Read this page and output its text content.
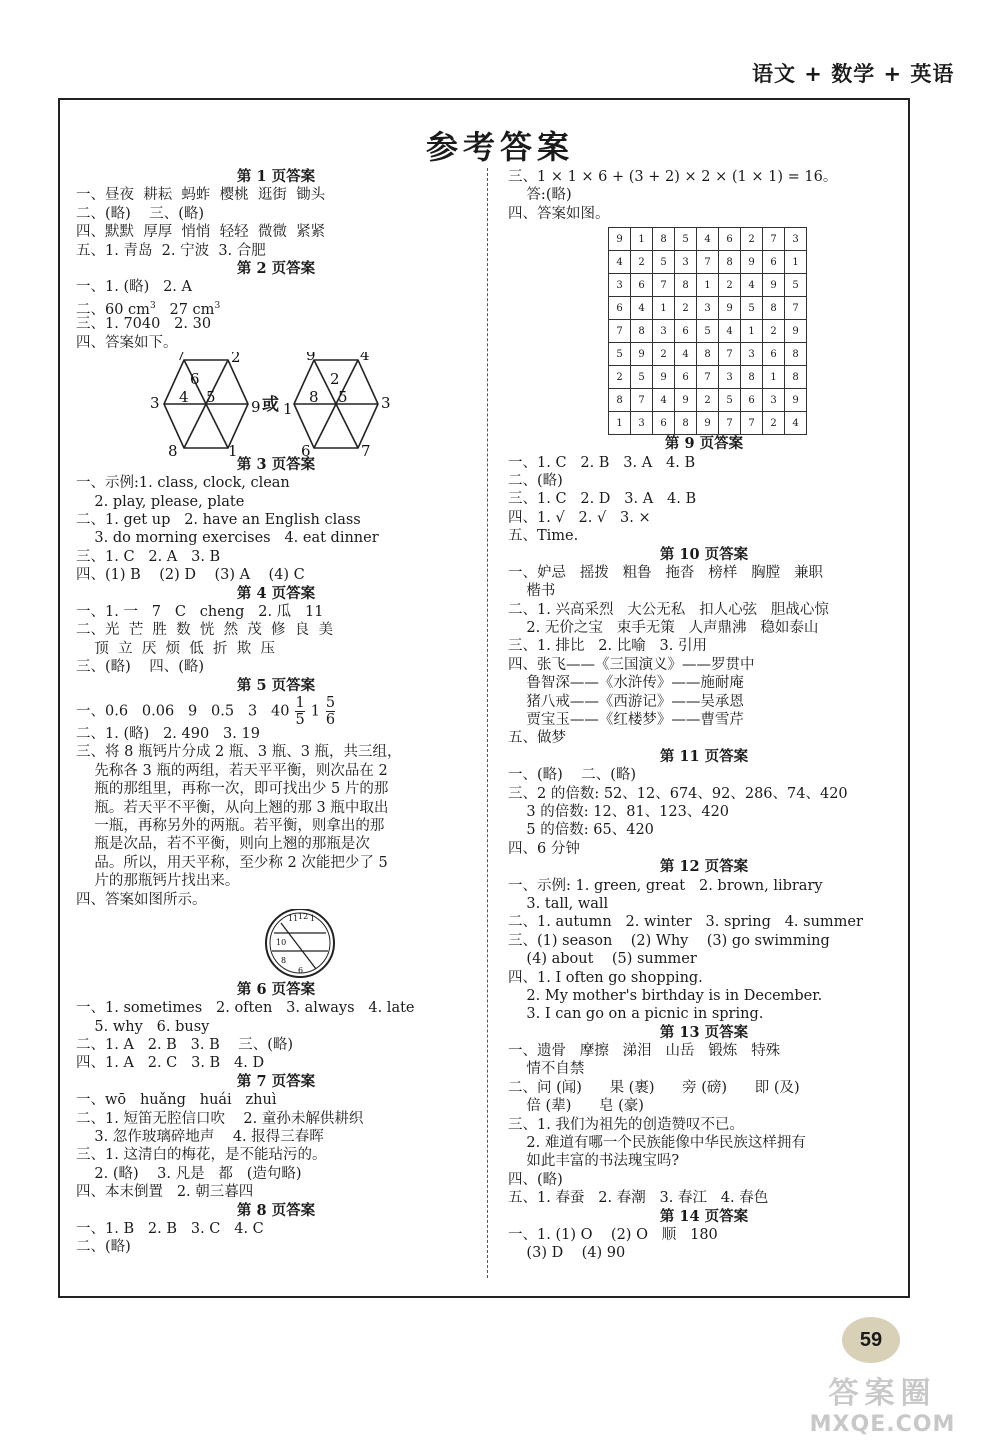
语文 + 数学 + 英语
参考答案
第 1 页答案
一、昼夜  耕耘  蚂蚱  樱桃  逛街  锄头
二、(略)    三、(略)
四、默默  厚厚  悄悄  轻轻  微微  紧紧
五、1. 青岛  2. 宁波  3. 合肥
第 2 页答案
一、1. (略)   2. A
二、60 $cm^3$   27 $cm^3$
三、1. 7040   2. 30
四、答案如下。
7	2
6
3 4 5
9
8	1
9	4
2
1
8 5 3
6	7
或
第 3 页答案
一、示例:1. class, clock, clean
2. play, please, plate
二、1. get up   2. have an English class
3. do morning exercises   4. eat dinner
三、1. C   2. A   3. B
四、(1) B    (2) D    (3) A    (4) C
第 4 页答案
一、1. 一   7   C   cheng   2. 瓜   11
二、光  芒  胜  数  恍  然  茂  修  良  美
顶  立  厌  烦  低  折  欺  压
三、(略)    四、(略)
第 5 页答案
一、0.6   0.06   9   0.5   3   $40 \frac{1}{5} 1 \frac{5}{6}$
二、1. (略)   2. 490   3. 19
三、将 8 瓶钙片分成 2 瓶、3 瓶、3 瓶，共三组，
先称各 3 瓶的两组，若天平平衡，则次品在 2
瓶的那组里，再称一次，即可找出少 5 片的那
瓶。若天平不平衡，从向上翘的那 3 瓶中取出
一瓶，再称另外的两瓶。若平衡，则拿出的那
瓶是次品，若不平衡，则向上翘的那瓶是次
品。所以，用天平称，至少称 2 次能把少了 5
片的那瓶钙片找出来。
四、答案如图所示。
11 12 1
10
8
6
第 6 页答案
一、1. sometimes   2. often   3. always   4. late
5. why   6. busy
二、1. A   2. B   3. B    三、(略)
四、1. A   2. C   3. B   4. D
第 7 页答案
一、wō   huǎng   huái   zhuì
二、1. 短笛无腔信口吹    2. 童孙未解供耕织
3. 忽作玻璃碎地声    4. 报得三春晖
三、1. 这清白的梅花，是不能玷污的。
2. (略)    3. 凡是   都   (造句略)
四、本末倒置   2. 朝三暮四
第 8 页答案
一、1. B   2. B   3. C   4. C
二、(略)
三、1 × 1 × 6 + (3 + 2) × 2 × (1 × 1) = 16。
答:(略)
四、答案如图。
9	1	8	5	4	6	2	7	3
4	2	5	3	7	8	9	6	1
3	6	7	8	1	2	4	9	5
6	4	1	2	3	9	5	8	7
7	8	3	6	5	4	1	2	9
5	9	2	4	8	7	3	6	8
2	5	9	6	7	3	8	1	8
8	7	4	9	2	5	6	3	9
1	3	6	8	9	7	7	2	4
第 9 页答案
一、1. C   2. B   3. A   4. B
二、(略)
三、1. C   2. D   3. A   4. B
四、1. √   2. √   3. ×
五、Time.
第 10 页答案
一、妒忌   摇拨   粗鲁   拖沓   榜样   胸膛   兼职
楷书
二、1. 兴高采烈   大公无私   扣人心弦   胆战心惊
2. 无价之宝   束手无策   人声鼎沸   稳如泰山
三、1. 排比   2. 比喻   3. 引用
四、张飞——《三国演义》——罗贯中
鲁智深——《水浒传》——施耐庵
猪八戒——《西游记》——吴承恩
贾宝玉——《红楼梦》——曹雪芹
五、做梦
第 11 页答案
一、(略)    二、(略)
三、2 的倍数: 52、12、674、92、286、74、420
3 的倍数: 12、81、123、420
5 的倍数: 65、420
四、6 分钟
第 12 页答案
一、示例: 1. green, great   2. brown, library
3. tall, wall
二、1. autumn   2. winter   3. spring   4. summer
三、(1) season    (2) Why    (3) go swimming
(4) about    (5) summer
四、1. I often go shopping.
2. My mother's birthday is in December.
3. I can go on a picnic in spring.
第 13 页答案
一、遗骨   摩擦   涕泪   山岳   锻炼   特殊
情不自禁
二、问 (闻)      果 (裹)      旁 (磅)      即 (及)
倍 (辈)      皂 (豪)
三、1. 我们为祖先的创造赞叹不已。
2. 难道有哪一个民族能像中华民族这样拥有
如此丰富的书法瑰宝吗?
四、(略)
五、1. 春蚕   2. 春潮   3. 春江   4. 春色
第 14 页答案
一、1. (1) O    (2) O   顺   180
(3) D    (4) 90
59
答案圈
MXQE.COM
